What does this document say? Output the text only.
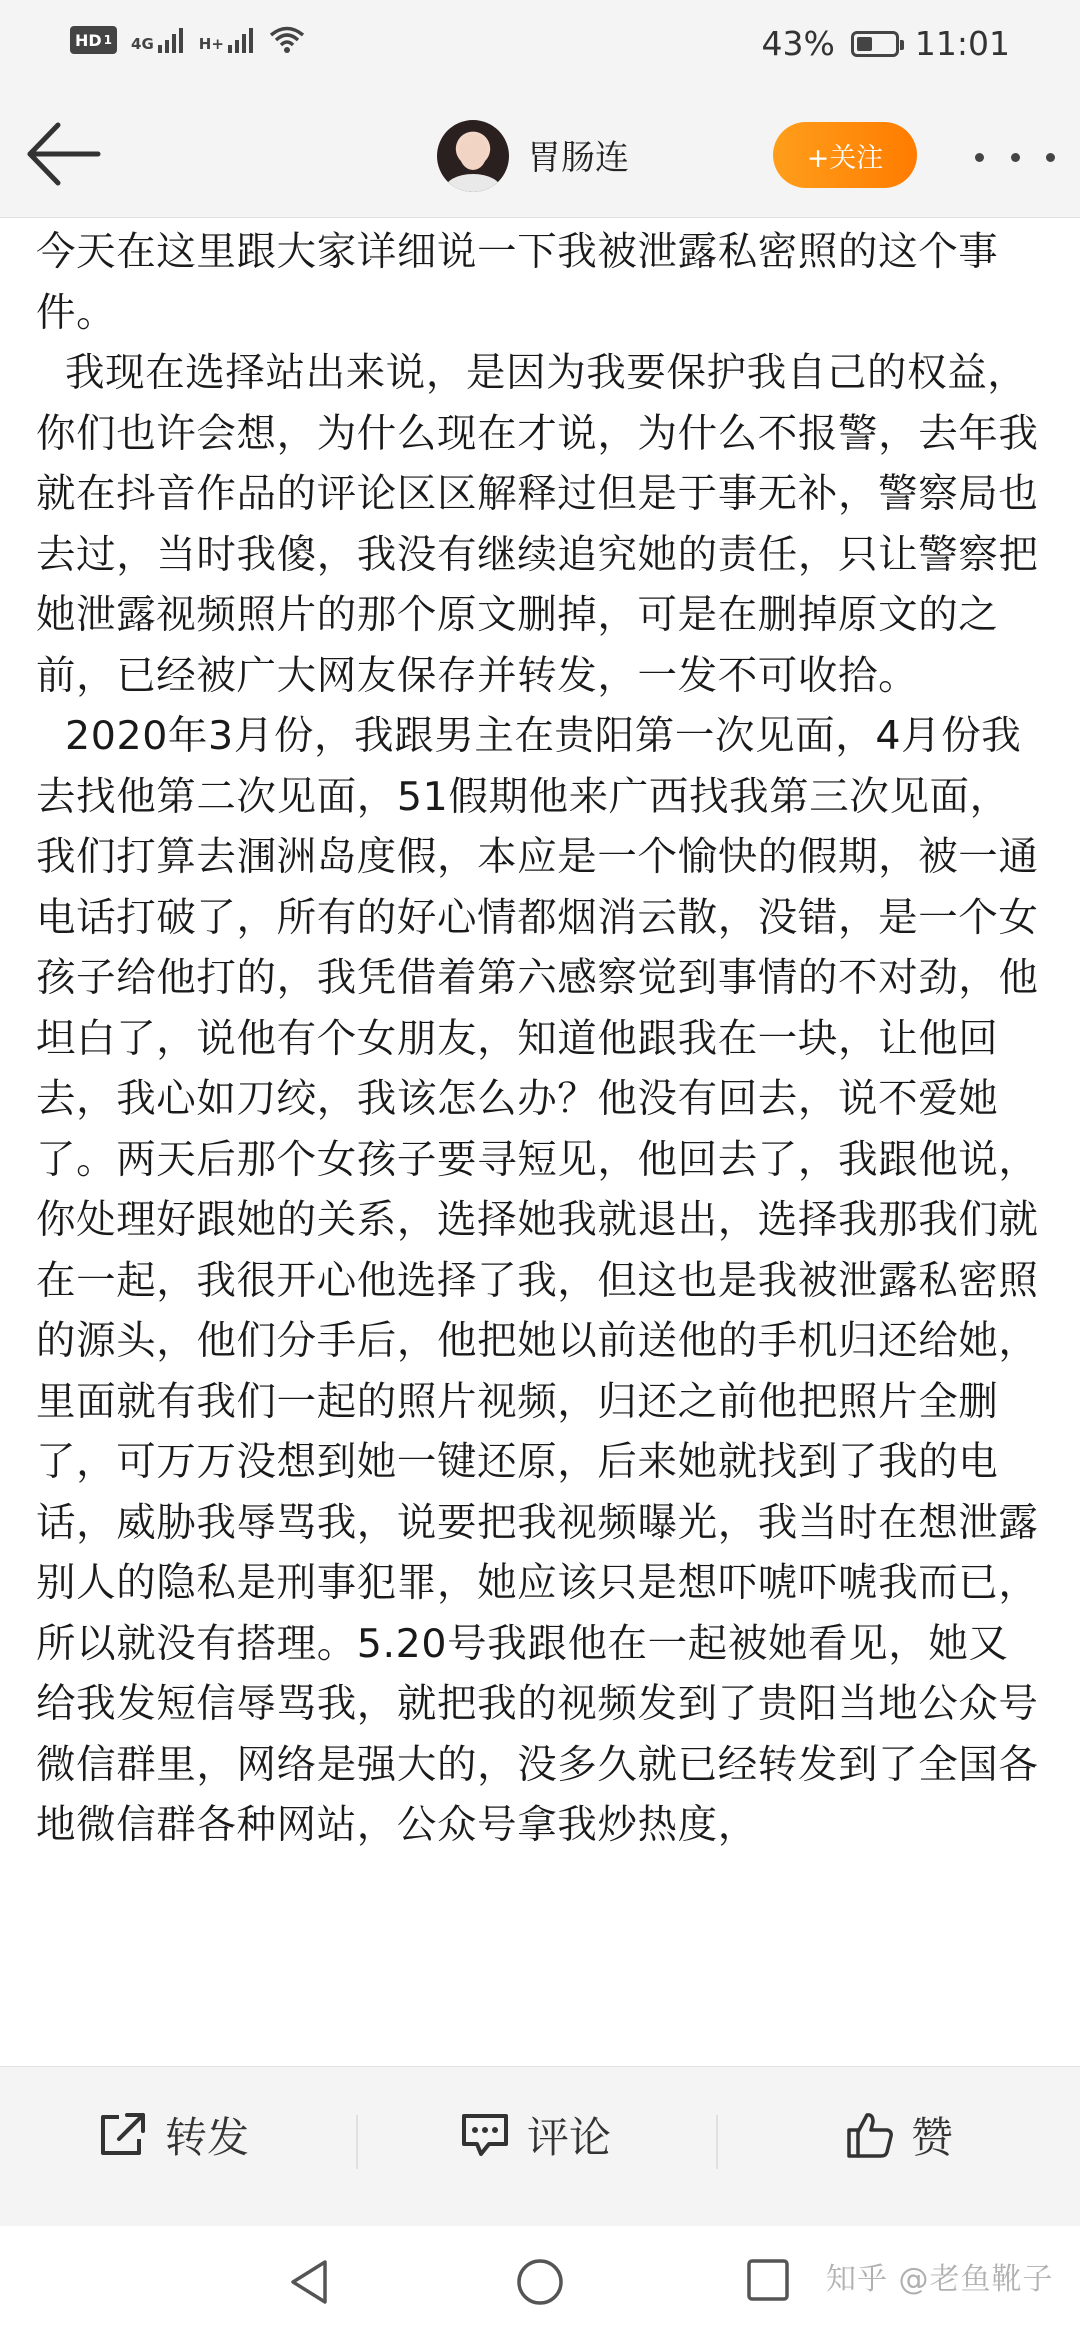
HD 1 4G	H+	43% 11:01
胃肠连	+关注

今天在这里跟大家详细说一下我被泄露私密照的这个事件。

我现在选择站出来说，是因为我要保护我自己的权益，你们也许会想，为什么现在才说，为什么不报警，去年我就在抖音作品的评论区区解释过但是于事无补，警察局也去过，当时我傻，我没有继续追究她的责任，只让警察把她泄露视频照片的那个原文删掉，可是在删掉原文的之前，已经被广大网友保存并转发，一发不可收拾。

2020年3月份，我跟男主在贵阳第一次见面，4月份我去找他第二次见面，51假期他来广西找我第三次见面，我们打算去涠洲岛度假，本应是一个愉快的假期，被一通电话打破了，所有的好心情都烟消云散，没错，是一个女孩子给他打的，我凭借着第六感察觉到事情的不对劲，他坦白了，说他有个女朋友，知道他跟我在一块，让他回去，我心如刀绞，我该怎么办？他没有回去，说不爱她了。两天后那个女孩子要寻短见，他回去了，我跟他说，你处理好跟她的关系，选择她我就退出，选择我那我们就在一起，我很开心他选择了我，但这也是我被泄露私密照的源头，他们分手后，他把她以前送他的手机归还给她，里面就有我们一起的照片视频，归还之前他把照片全删了，可万万没想到她一键还原，后来她就找到了我的电话，威胁我辱骂我，说要把我视频曝光，我当时在想泄露别人的隐私是刑事犯罪，她应该只是想吓唬吓唬我而已，所以就没有搭理。5.20号我跟他在一起被她看见，她又给我发短信辱骂我，就把我的视频发到了贵阳当地公众号微信群里，网络是强大的，没多久就已经转发到了全国各地微信群各种网站，公众号拿我炒热度，

转发	评论	赞
知乎 @老鱼靴子
